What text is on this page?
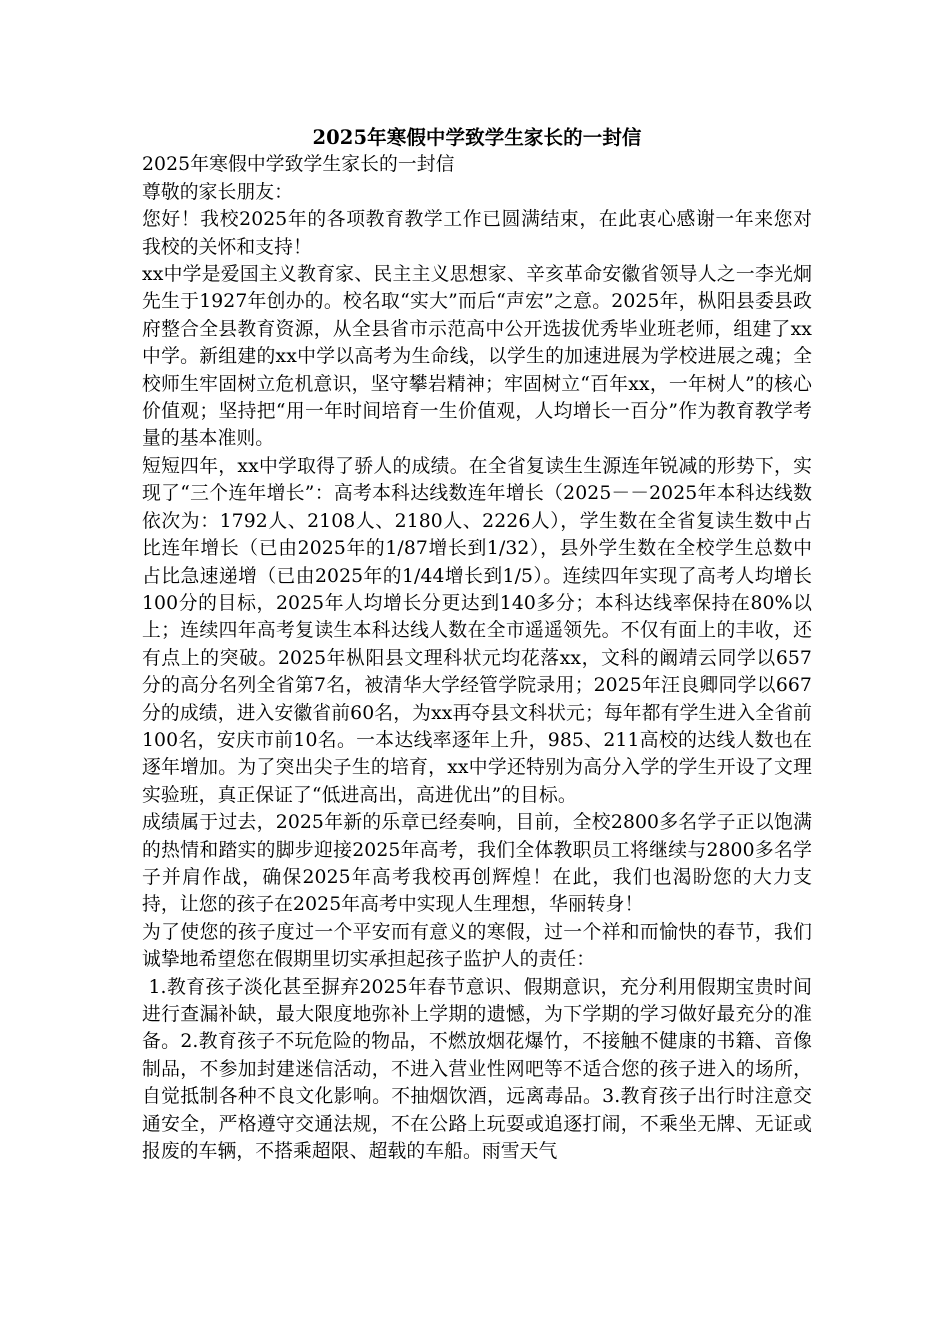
2025年寒假中学致学生家长的一封信

2025年寒假中学致学生家长的一封信

尊敬的家长朋友：

您好！我校2025年的各项教育教学工作已圆满结束，在此衷心感谢一年来您对我校的关怀和支持！

xx中学是爱国主义教育家、民主主义思想家、辛亥革命安徽省领导人之一李光炯先生于1927年创办的。校名取“实大”而后“声宏”之意。2025年，枞阳县委县政府整合全县教育资源，从全县省市示范高中公开选拔优秀毕业班老师，组建了xx中学。新组建的xx中学以高考为生命线，以学生的加速进展为学校进展之魂；全校师生牢固树立危机意识，坚守攀岩精神；牢固树立“百年xx，一年树人”的核心价值观；坚持把“用一年时间培育一生价值观，人均增长一百分”作为教育教学考量的基本准则。

短短四年，xx中学取得了骄人的成绩。在全省复读生生源连年锐减的形势下，实现了“三个连年增长”：高考本科达线数连年增长（2025－－2025年本科达线数依次为：1792人、2108人、2180人、2226人），学生数在全省复读生数中占比连年增长（已由2025年的1/87增长到1/32），县外学生数在全校学生总数中占比急速递增（已由2025年的1/44增长到1/5）。连续四年实现了高考人均增长100分的目标，2025年人均增长分更达到140多分；本科达线率保持在80%以上；连续四年高考复读生本科达线人数在全市遥遥领先。不仅有面上的丰收，还有点上的突破。2025年枞阳县文理科状元均花落xx，文科的阚靖云同学以657分的高分名列全省第7名，被清华大学经管学院录用；2025年汪良卿同学以667分的成绩，进入安徽省前60名，为xx再夺县文科状元；每年都有学生进入全省前100名，安庆市前10名。一本达线率逐年上升，985、211高校的达线人数也在逐年增加。为了突出尖子生的培育，xx中学还特别为高分入学的学生开设了文理实验班，真正保证了“低进高出，高进优出”的目标。

成绩属于过去，2025年新的乐章已经奏响，目前，全校2800多名学子正以饱满的热情和踏实的脚步迎接2025年高考，我们全体教职员工将继续与2800多名学子并肩作战，确保2025年高考我校再创辉煌！在此，我们也渴盼您的大力支持，让您的孩子在2025年高考中实现人生理想，华丽转身！

为了使您的孩子度过一个平安而有意义的寒假，过一个祥和而愉快的春节，我们诚挚地希望您在假期里切实承担起孩子监护人的责任：

1.教育孩子淡化甚至摒弃2025年春节意识、假期意识，充分利用假期宝贵时间进行查漏补缺，最大限度地弥补上学期的遗憾，为下学期的学习做好最充分的准备。2.教育孩子不玩危险的物品，不燃放烟花爆竹，不接触不健康的书籍、音像制品，不参加封建迷信活动，不进入营业性网吧等不适合您的孩子进入的场所，自觉抵制各种不良文化影响。不抽烟饮酒，远离毒品。3.教育孩子出行时注意交通安全，严格遵守交通法规，不在公路上玩耍或追逐打闹，不乘坐无牌、无证或报废的车辆，不搭乘超限、超载的车船。雨雪天气
